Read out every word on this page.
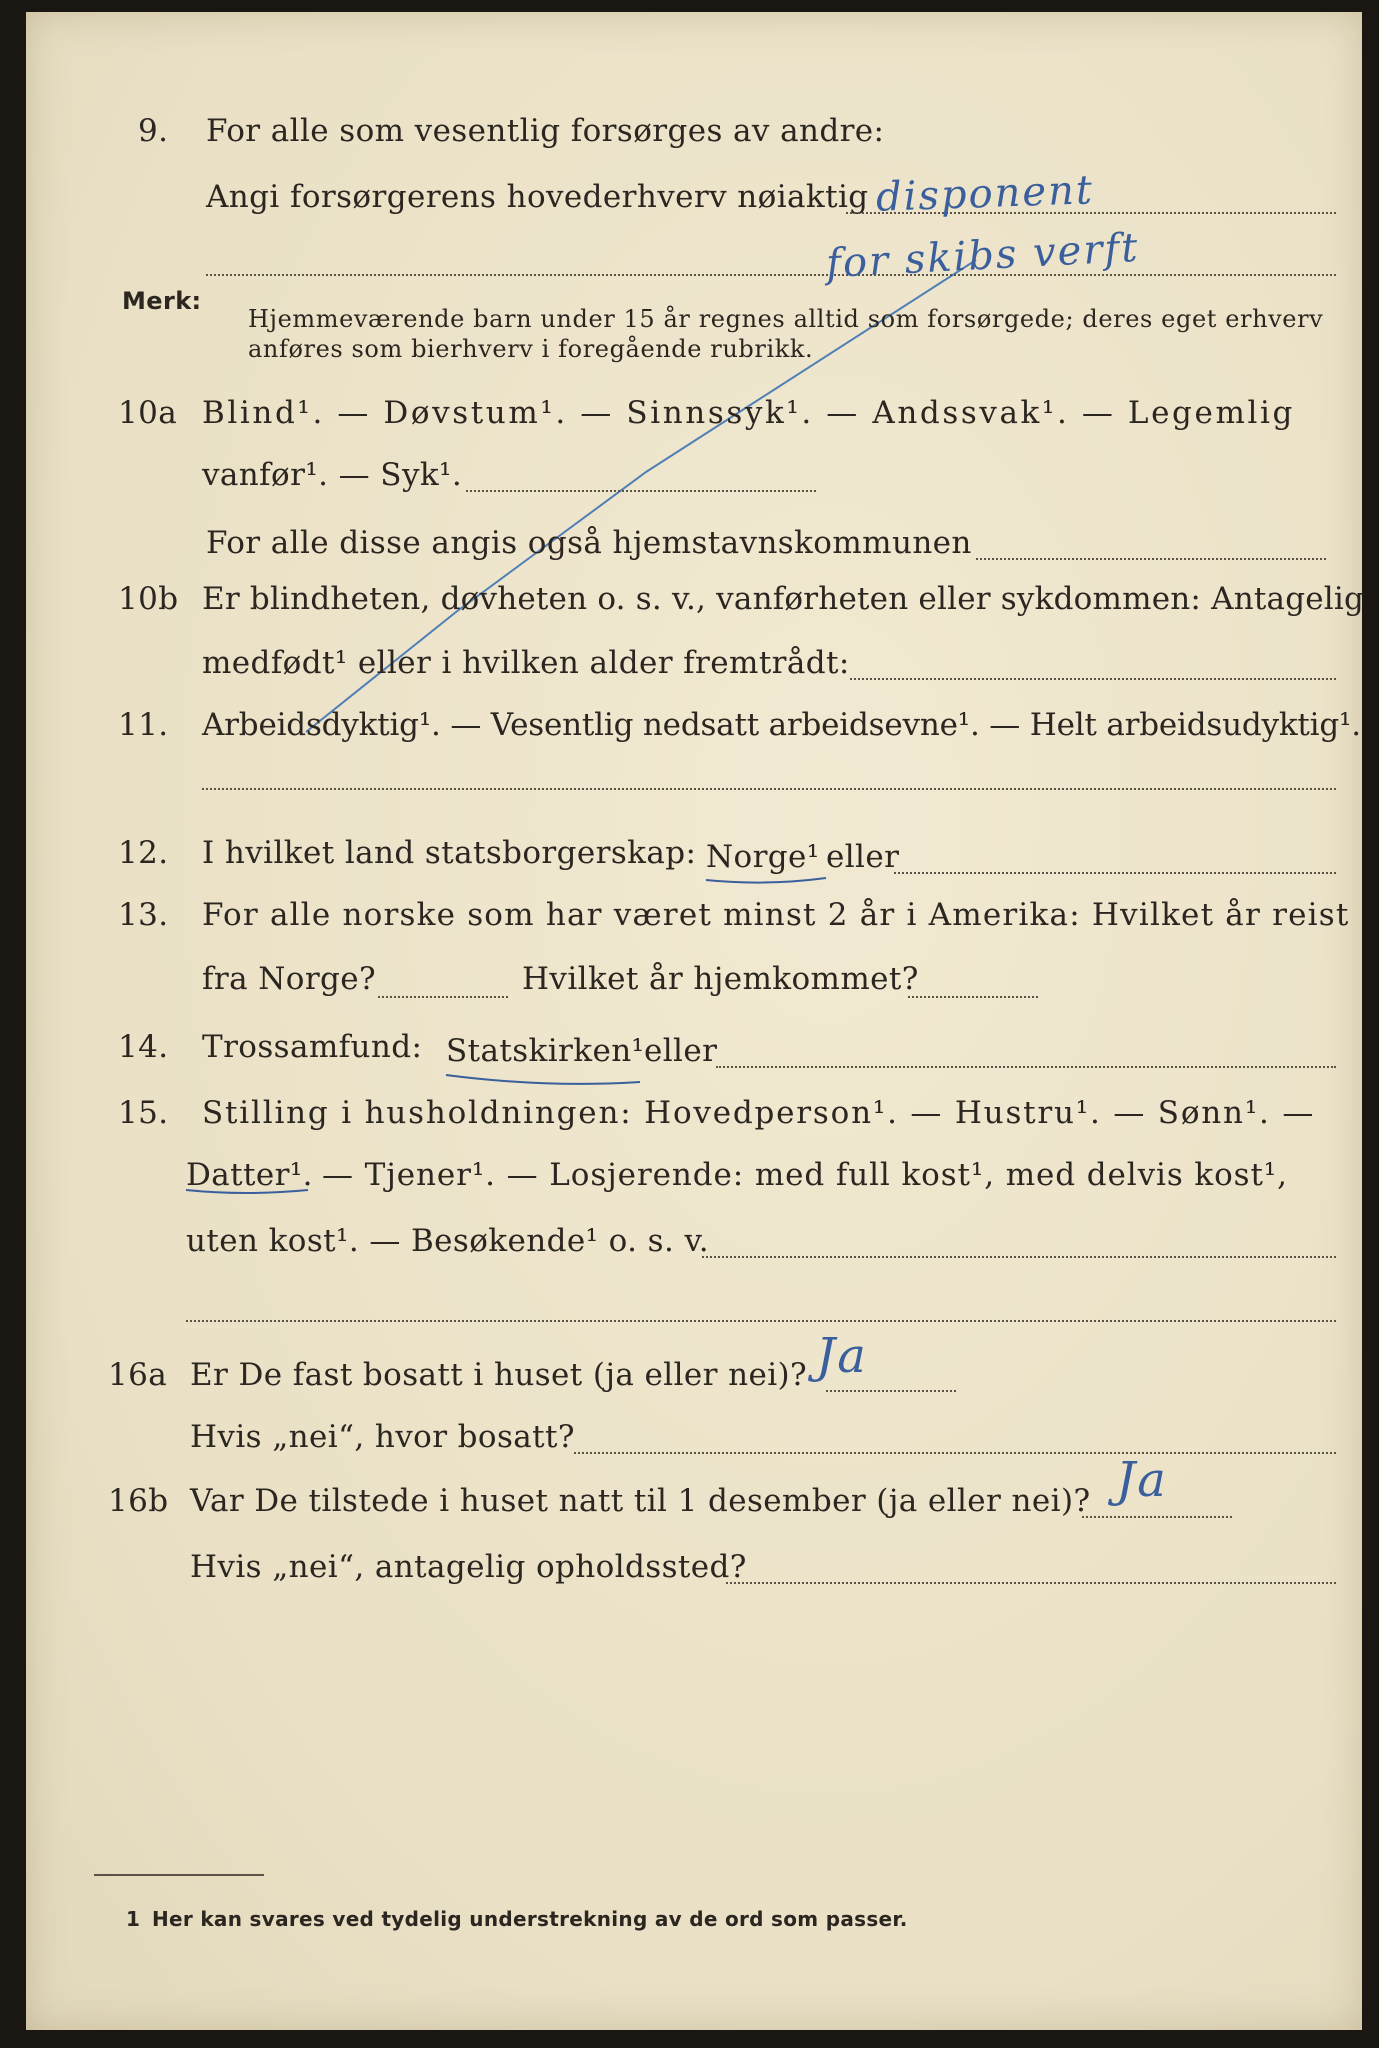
9. For alle som vesentlig forsørges av andre:
Angi forsørgerens hovederhverv nøiaktig disponent
for skibs verft
Merk:
Hjemmeværende barn under 15 år regnes alltid som forsørgede; deres eget erhverv
anføres som bierhverv i foregående rubrikk.
10a Blind¹. — Døvstum¹. — Sinnssyk¹. — Andssvak¹. — Legemlig
vanfør¹. — Syk¹.
For alle disse angis også hjemstavnskommunen
10b Er blindheten, døvheten o. s. v., vanførheten eller sykdommen: Antagelig
medfødt¹ eller i hvilken alder fremtrådt:
11. Arbeidsdyktig¹. — Vesentlig nedsatt arbeidsevne¹. — Helt arbeidsudyktig¹.
12. I hvilket land statsborgerskap: Norge¹ eller
13. For alle norske som har været minst 2 år i Amerika: Hvilket år reist
fra Norge?	Hvilket år hjemkommet?
14. Trossamfund: Statskirken¹ eller
15. Stilling i husholdningen: Hovedperson¹. — Hustru¹. — Sønn¹. —
Datter¹. — Tjener¹. — Losjerende: med full kost¹, med delvis kost¹,
uten kost¹. — Besøkende¹ o. s. v.
16a Er De fast bosatt i huset (ja eller nei)? Ja
Hvis „nei“, hvor bosatt?
16b Var De tilstede i huset natt til 1 desember (ja eller nei)? Ja
Hvis „nei“, antagelig opholdssted?
1 Her kan svares ved tydelig understrekning av de ord som passer.
